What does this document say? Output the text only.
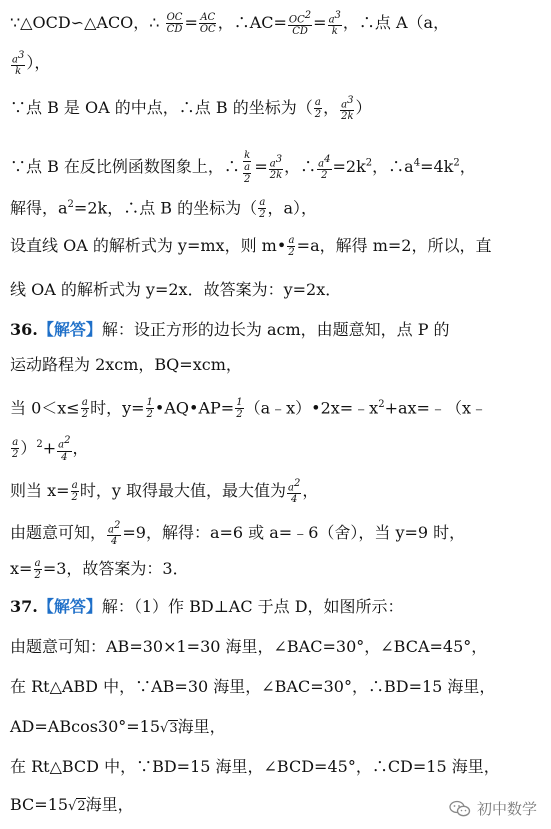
∵△OCD∽△ACO，∴ $\frac{OC}{CD} = \frac{AC}{OC}$ ，∴AC= $\frac{OC^2}{CD} = \frac{a^3}{k}$ ，∴点 A（a，
$\frac{a^3}{k}$ ），
∵点 B 是 OA 的中点，∴点 B 的坐标为（ $\frac{a}{2}$ ， $\frac{a^3}{2k}$ ）
∵点 B 在反比例函数图象上，∴ $\frac{k}{\frac{a}{2}} = \frac{a^3}{2k}$ ，∴ $\frac{a^4}{2} =2k^2$，$\therefore a^4=4k^2$，
解得，$a^2=2k$，∴点 B 的坐标为（ $\frac{a}{2}$ ，a），
设直线 OA 的解析式为 y=mx，则 m• $\frac{a}{2} =a$，解得 m=2，所以，直
线 OA 的解析式为 y=2x．故答案为：y=2x．
36.【解答】解：设正方形的边长为 acm，由题意知，点 P 的
运动路程为 2xcm，BQ=xcm，
当 $0<x\le \frac{a}{2}$ 时，$y= \frac{1}{2}$ •AQ•AP= $\frac{1}{2}$ $(a﹣x)•2x=﹣x^2+ax=﹣(x﹣$
$\frac{a}{2} )^2+ \frac{a^2}{4}$ ，
则当 $x= \frac{a}{2}$ 时，y 取得最大值，最大值为 $\frac{a^2}{4}$ ，
由题意可知， $\frac{a^2}{4} =9$，解得：a=6 或 a=﹣6（舍），当 y=9 时，
$x= \frac{a}{2} =3$，故答案为：3．
37.【解答】解：（1）作 BD⊥AC 于点 D，如图所示：
由题意可知：AB=30×1=30 海里，∠BAC=30°，∠BCA=45°，
在 Rt△ABD 中，∵AB=30 海里，∠BAC=30°，∴BD=15 海里，
AD=ABcos30°=15√3海里，
在 Rt△BCD 中，∵BD=15 海里，∠BCD=45°，∴CD=15 海里，
BC=15√2海里，	初中数学
